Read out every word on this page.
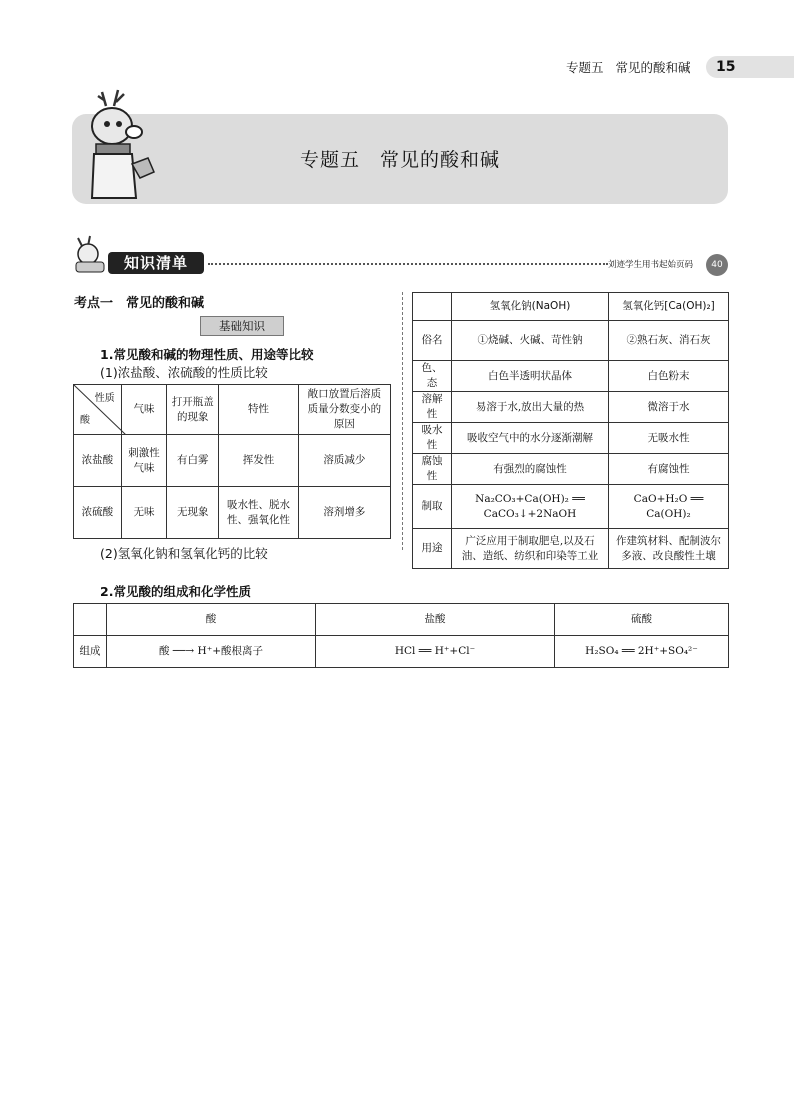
专题五 常见的酸和碱	15
专题五　常见的酸和碱
知识清单	刘迹学生用书起始页码	40
考点一　常见的酸和碱
基础知识
1.常见酸和碱的物理性质、用途等比较
(1)浓盐酸、浓硫酸的性质比较
性质
酸	气味	打开瓶盖的现象	特性	敞口放置后溶质质量分数变小的原因
浓盐酸	刺激性气味	有白雾	挥发性	溶质减少
浓硫酸	无味	无现象	吸水性、脱水性、强氧化性	溶剂增多
(2)氢氧化钠和氢氧化钙的比较
	氢氧化钠(NaOH)	氢氧化钙[Ca(OH)₂]
俗名	①烧碱、火碱、苛性钠	②熟石灰、消石灰
色、态	白色半透明状晶体	白色粉末
溶解性	易溶于水,放出大量的热	微溶于水
吸水性	吸收空气中的水分逐渐潮解	无吸水性
腐蚀性	有强烈的腐蚀性	有腐蚀性
制取	Na₂CO₃+Ca(OH)₂ ══ CaCO₃↓+2NaOH	CaO+H₂O ══ Ca(OH)₂
用途	广泛应用于制取肥皂,以及石油、造纸、纺织和印染等工业	作建筑材料、配制波尔多液、改良酸性土壤
2.常见酸的组成和化学性质
	酸	盐酸	硫酸
组成	酸 ──→ H⁺+酸根离子	HCl ══ H⁺+Cl⁻	H₂SO₄ ══ 2H⁺+SO₄²⁻
